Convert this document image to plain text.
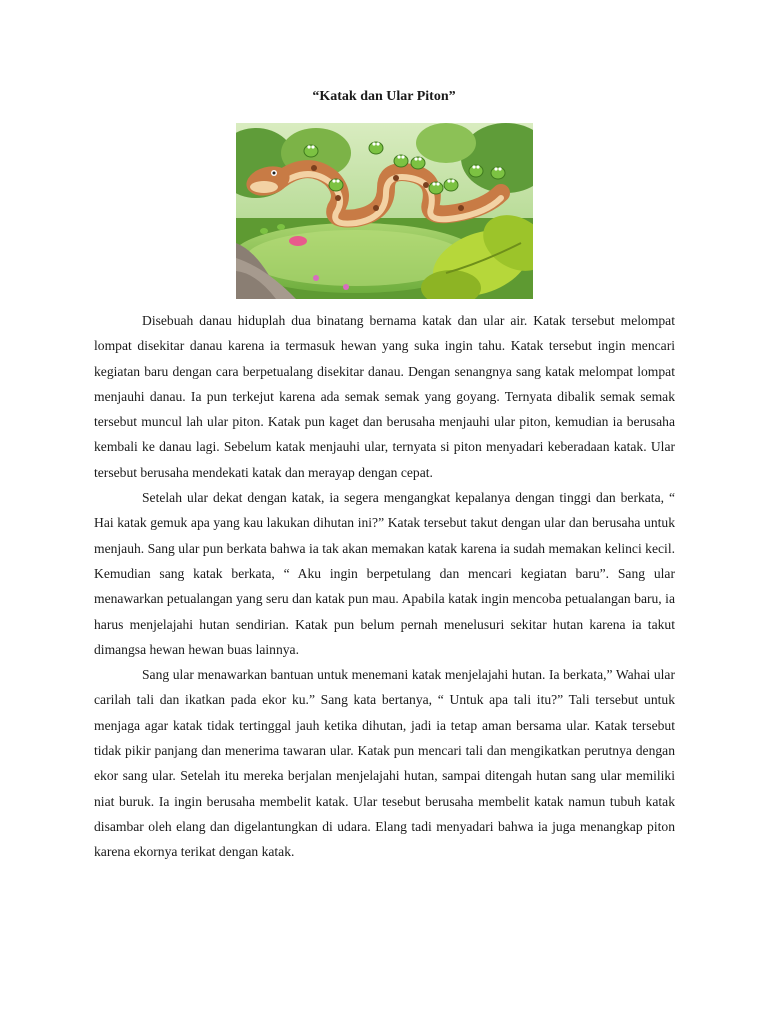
“Katak dan Ular Piton”

Disebuah danau hiduplah dua binatang bernama katak dan ular air. Katak tersebut melompat lompat disekitar danau karena ia termasuk hewan yang suka ingin tahu. Katak tersebut ingin mencari kegiatan baru dengan cara berpetualang disekitar danau. Dengan senangnya sang katak melompat lompat menjauhi danau. Ia pun terkejut karena ada semak semak yang goyang. Ternyata dibalik semak semak tersebut muncul lah ular piton. Katak pun kaget dan berusaha menjauhi ular piton, kemudian ia berusaha kembali ke danau lagi. Sebelum katak menjauhi ular, ternyata si piton menyadari keberadaan katak. Ular tersebut berusaha mendekati katak dan merayap dengan cepat.

Setelah ular dekat dengan katak, ia segera mengangkat kepalanya dengan tinggi dan berkata, “ Hai katak gemuk apa yang kau lakukan dihutan ini?” Katak tersebut takut dengan ular dan berusaha untuk menjauh. Sang ular pun berkata bahwa ia tak akan memakan katak karena ia sudah memakan kelinci kecil. Kemudian sang katak berkata, “ Aku ingin berpetulang dan mencari kegiatan baru”. Sang ular menawarkan petualangan yang seru dan katak pun mau. Apabila katak ingin mencoba petualangan baru, ia harus menjelajahi hutan sendirian. Katak pun belum pernah menelusuri sekitar hutan karena ia takut dimangsa hewan hewan buas lainnya.

Sang ular menawarkan bantuan untuk menemani katak menjelajahi hutan. Ia berkata,” Wahai ular carilah tali dan ikatkan pada ekor ku.” Sang kata bertanya, “ Untuk apa tali itu?” Tali tersebut untuk menjaga agar katak tidak tertinggal jauh ketika dihutan, jadi ia tetap aman bersama ular. Katak tersebut tidak pikir panjang dan menerima tawaran ular. Katak pun mencari tali dan mengikatkan perutnya dengan ekor sang ular. Setelah itu mereka berjalan menjelajahi hutan, sampai ditengah hutan sang ular memiliki niat buruk. Ia ingin berusaha membelit katak. Ular tesebut berusaha membelit katak namun tubuh katak disambar oleh elang dan digelantungkan di udara. Elang tadi menyadari bahwa ia juga menangkap piton karena ekornya terikat dengan katak.
